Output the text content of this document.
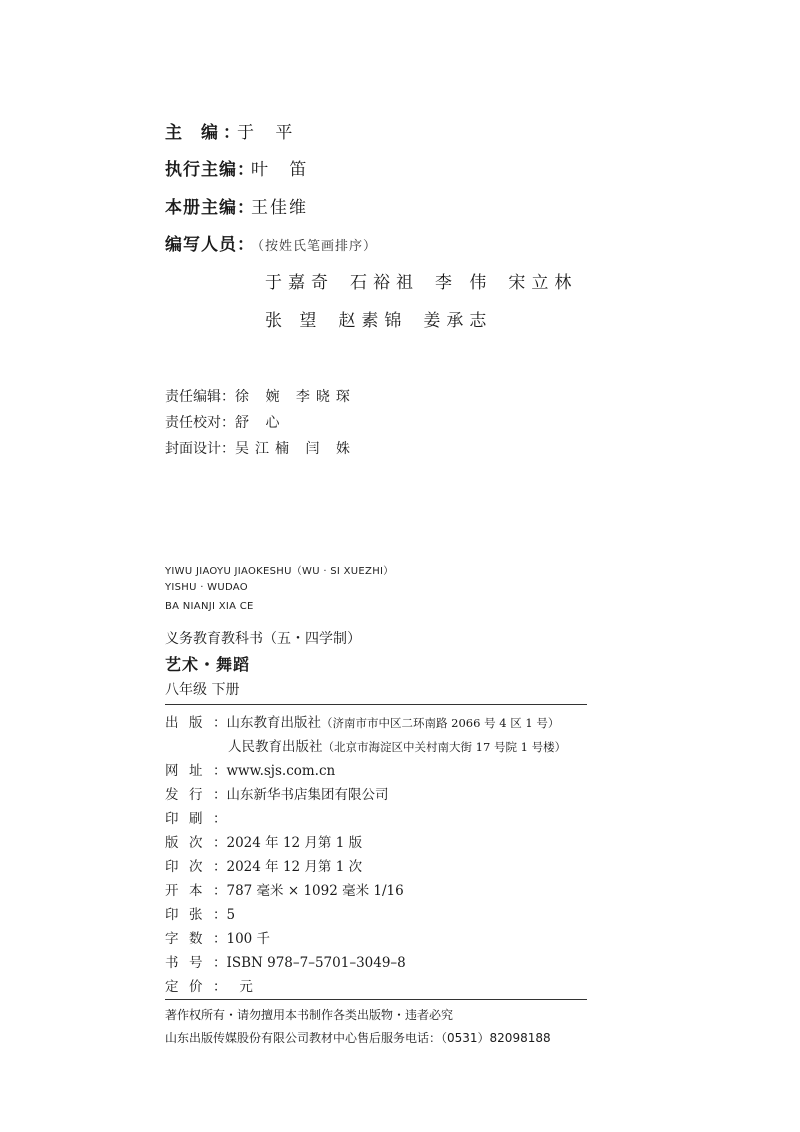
主 编 ：于 平
执行主编：叶 笛
本册主编：王佳维
编写人员：（按姓氏笔画排序）
于嘉奇 石裕祖 李 伟 宋立林
张 望 赵素锦 姜承志
责任编辑：徐 婉 李晓琛
责任校对：舒 心
封面设计：吴江楠 闫 姝
YIWU JIAOYU JIAOKESHU（WU · SI XUEZHI）
YISHU · WUDAO
BA NIANJI XIA CE
义务教育教科书（五・四学制）
艺术・舞蹈
八年级 下册
出 版 ：山东教育出版社（济南市市中区二环南路 2066 号 4 区 1 号）
人民教育出版社（北京市海淀区中关村南大街 17 号院 1 号楼）
网 址 ：www.sjs.com.cn
发 行 ：山东新华书店集团有限公司
印 刷 ：
版 次 ：2024 年 12 月第 1 版
印 次 ：2024 年 12 月第 1 次
开 本 ：787 毫米 × 1092 毫米 1/16
印 张 ：5
字 数 ：100 千
书 号 ：ISBN 978–7–5701–3049–8
定 价 ：   元
著作权所有・请勿擅用本书制作各类出版物・违者必究
山东出版传媒股份有限公司教材中心售后服务电话：（0531）82098188
